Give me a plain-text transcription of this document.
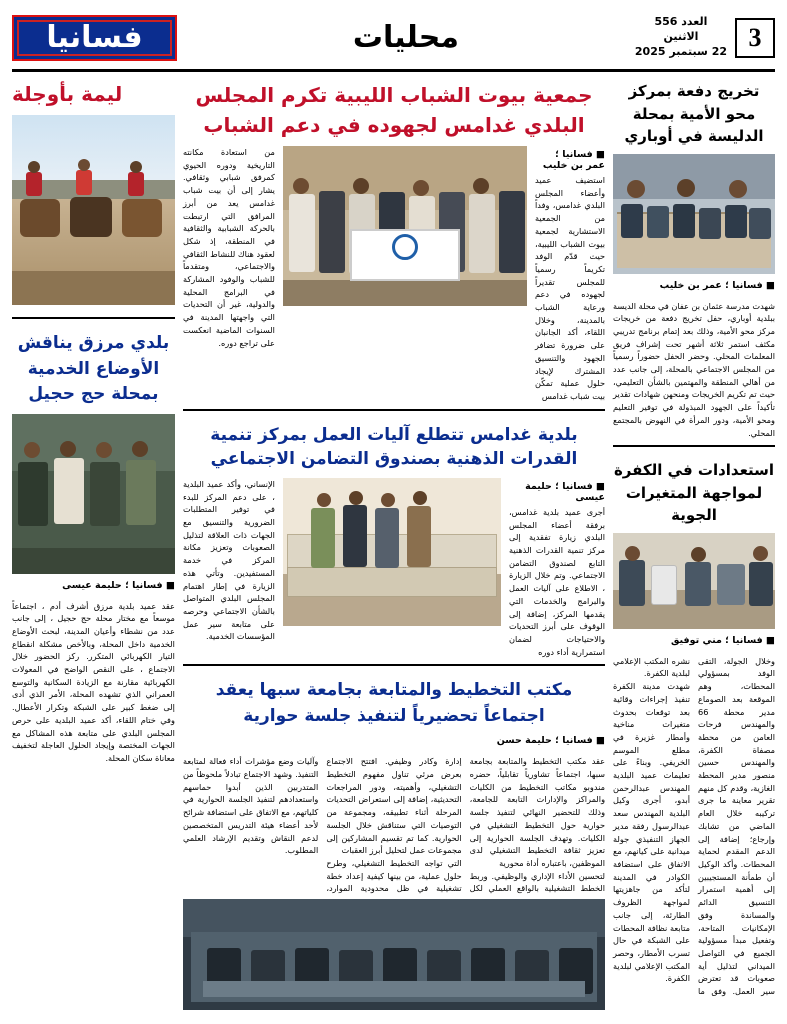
3
العدد 556
الاثنين
22 سبتمبر 2025
محليات
فسانيا
تخريج دفعة بمركز محو الأمية بمحلة الدليسة في أوباري
■ فسانيا ؛ عمر بن خليب
شهدت مدرسة عثمان بن عفان في محلة الديسة ببلدية أوباري، حفل تخريج دفعة من خريجات مركز محو الأمية، وذلك بعد إتمام برنامج تدريبي مكثف استمر ثلاثة أشهر تحت إشراف فريق المعلمات المحلي. وحضر الحفل حضوراً رسمياً من المجلس الاجتماعي بالمحلة، إلى جانب عدد من أهالي المنطقة والمهتمين بالشأن التعليمي، حيث تم تكريم الخريجات ومنحهن شهادات تقدير تأكيداً على الجهود المبذولة في توفير التعليم ومحو الأمية، ودور المرأة في النهوض بالمجتمع المحلي.
استعدادات في الكفرة لمواجهة المتغيرات الجوية
■ فسانيا ؛ مني توفيق
وخلال الجولة، التقى الوفد بمسؤولي المحطات، وهم الموقعة بعد الصوماع مدير محطة 66 والمهندس فرحات العامن من محطة مصفاة الكفرة، والمهندس حسين منصور مدير المحطة الغازية، وقدم كل منهم تقرير معاينة ما جرى تركيبه خلال العام الماضي من تشابك وإرجاع؛ إضافة إلى الدعم المقدم لحماية المحطات. وأكد الوكيل أن طمأنة المستجيبين إلى أهمية استمرار التنسيق الدائم والمساندة وفق الإمكانيات المتاحة، وتفعيل مبدأ مسؤولية الجميع في التواصل الميداني لتذليل أية صعوبات قد تعترض سير العمل. وفق ما نشره المكتب الإعلامي لبلدية الكفرة.
شهدت مدينة الكفرة تنفيذ إجراءات وقائية بعد توقعات بحدوث متغيرات مناخية وأمطار غزيرة في مطلع الموسم الخريفي. وبناءً على تعليمات عميد البلدية المهندس عبدالرحمن أبدو، أجرى وكيل البلدية المهندس سعد عبدالرسول رفقة مدير الجهاز التنفيذي جولة ميدانية على كيانهم، مع الاتفاق على استضافة الكوادر في المدينة لتأكد من جاهزيتها لمواجهة الظروف الطارئة، إلى جانب متابعة نظافة المحطات على الشبكة في حال تسرب الأمطار، وحصر المكتب الإعلامي لبلدية الكفرة.
جمعية بيوت الشباب الليبية تكرم المجلس البلدي غدامس لجهوده في دعم الشباب
■ فسانيا ؛ عمر بن خليب
استضيف عميد وأعضاء المجلس البلدي غدامس، وفداً من الجمعية الاستشارية لجمعية بيوت الشباب الليبية، حيث قدّم الوفد تكريماً رسمياً للمجلس تقديراً لجهوده في دعم ورعاية الشباب بالمدينة، وخلال اللقاء، أكد الجانبان على ضرورة تضافر الجهود والتنسيق المشترك لإيجاد حلول عملية تمكّن بيت شباب غدامس
من استعادة مكانته التاريخية ودوره الحيوي كمرفق شبابي وثقافي. يشار إلى أن بيت شباب غدامس يعد من أبرز المرافق التي ارتبطت بالحركة الشبابية والثقافية في المنطقة، إذ شكل لعقود هناك للنشاط الثقافي والاجتماعي، ومتقدماً للشباب والوفود المشاركة في البرامج المحلية والدولية، غير أن التحديات التي واجهتها المدينة في السنوات الماضية انعكست على تراجع دوره.
بلدية غدامس تتطلع آليات العمل بمركز تنمية القدرات الذهنية بصندوق التضامن الاجتماعي
■ فسانيا ؛ حليمة عيسى
أجرى عميد بلدية غدامس، برفقة أعضاء المجلس البلدي زيارة تفقدية إلى مركز تنمية القدرات الذهنية التابع لصندوق التضامن الاجتماعي. وتم خلال الزيارة ، الاطلاع على آليات العمل والبرامج والخدمات التي يقدمها المركز، إضافة إلى الوقوف على أبرز التحديات والاحتياجات لضمان استمرارية أداء دوره
الإنساني، وأكد عميد البلدية ، على دعم المركز للبدء في توفير المتطلبات الضرورية والتنسيق مع الجهات ذات العلاقة لتذليل الصعوبات وتعزيز مكانة المركز في خدمة المستفيدين. وتأتي هذه الزيارة في إطار اهتمام المجلس البلدي المتواصل بالشأن الاجتماعي وحرصه على متابعة سير عمل المؤسسات الخدمية.
مكتب التخطيط والمتابعة بجامعة سبها يعقد اجتماعاً تحضيرياً لتنفيذ جلسة حوارية
■ فسانيا ؛ حليمة حسن
عقد مكتب التخطيط والمتابعة بجامعة سبها، اجتماعاً تشاورياً تقابلياً، حضره مندوبو مكاتب التخطيط من الكليات والمراكز والإدارات التابعة للجامعة، وذلك للتحضير النهائي لتنفيذ جلسة حوارية حول التخطيط التشغيلي في الكليات. وتهدف الجلسة الحوارية إلى تعزيز ثقافة التخطيط التشغيلي لدى الموظفين، باعتباره أداة محورية
لتحسين الأداء الإداري والوظيفي. وربط الخطط التشغيلية بالواقع العملي لكل إدارة وكادر وظيفي. افتتح الاجتماع بعرض مرئي تناول مفهوم التخطيط التشغيلي، وأهميته، ودور المراجعات التحديثية، إضافة إلى استعراض التحديات المرحلة أثناء تطبيقه، ومجموعة من التوصيات التي ستناقش خلال الجلسة الحوارية. كما تم تقسيم المشاركين إلى مجموعات عمل لتحليل أبرز العقبات
التي تواجه التخطيط التشغيلي، وطرح حلول عملية، من بينها كيفية إعداد خطة تشغيلية في ظل محدودية الموارد، وآليات وضع مؤشرات أداء فعالة لمتابعة التنفيذ. وشهد الاجتماع تبادلاً ملحوظاً من المتدربين الذين أبدوا حماسهم واستعدادهم لتنفيذ الجلسة الحوارية في كلياتهم، مع الاتفاق على استضافة شرائح لأحد أعضاء هيئة التدريس المتخصصين لدعم النقاش وتقديم الإرشاد العلمي المطلوب.
ليمة بأوجلة
بلدي مرزق يناقش الأوضاع الخدمية بمحلة حج حجيل
■ فسانيا ؛ حليمة عيسى
عقد عميد بلدية مرزق أشرف أدم ، اجتماعاً موسعاً مع مختار محلة حج حجيل ، إلى جانب عدد من نشطاء وأعيان المدينة، لبحث الأوضاع الخدمية داخل المحلة، وبالأخص مشكلة انقطاع التيار الكهربائي المتكرر. ركز الحضور خلال الاجتماع ، على النقص الواضح في المعولات الكهربائية مقارنة مع الزيادة السكانية والتوسع العمراني الذي تشهده المحلة، الأمر الذي أدى إلى ضغط كبير على الشبكة وتكرار الأعطال. وفي ختام اللقاء، أكد عميد البلدية على حرص المجلس البلدي على متابعة هذه المشاكل مع الجهات المختصة وإيجاد الحلول العاجلة لتخفيف معاناة سكان المحلة.
